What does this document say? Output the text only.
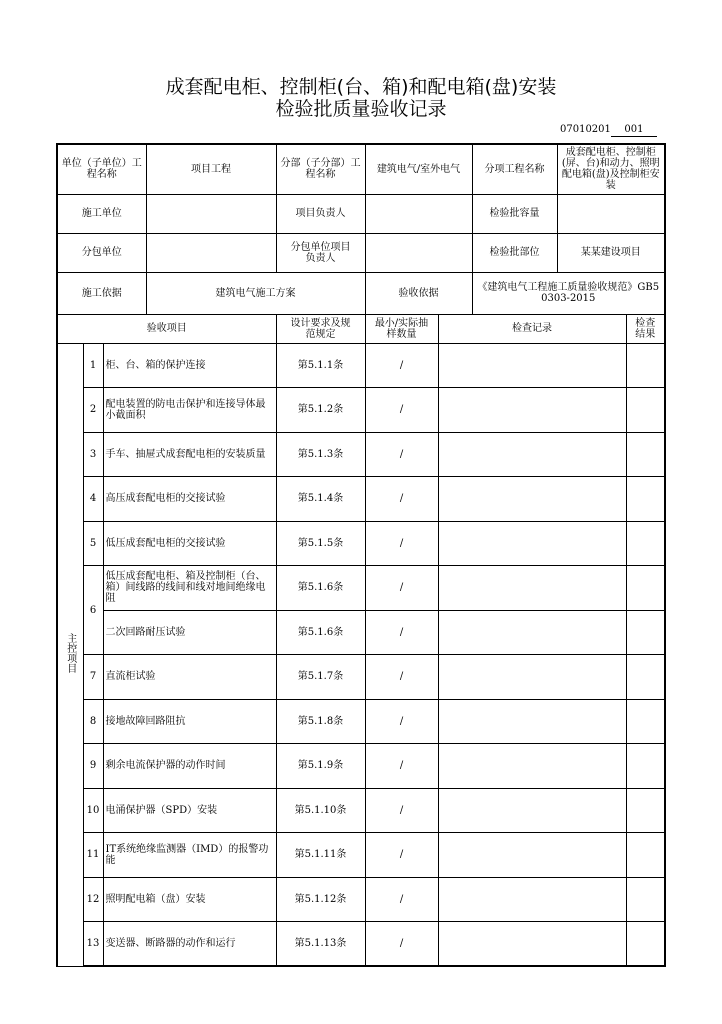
成套配电柜、控制柜(台、箱)和配电箱(盘)安装
检验批质量验收记录
07010201 001
单位（子单位）工程名称			项目工程	分部（子分部）工程名称	建筑电气/室外电气		分项工程名称	成套配电柜、控制柜(屏、台)和动力、照明配电箱(盘)及控制柜安装	
施工单位				项目负责人			检验批容量		
分包单位				分包单位项目负责人			检验批部位	某某建设项目	
施工依据			建筑电气施工方案		验收依据		《建筑电气工程施工质量验收规范》GB50303-2015		
验收项目				设计要求及规范规定	最小/实际抽样数量	检查记录			检查结果
主控项目	1	柜、台、箱的保护连接		第5.1.1条	/				
	2	配电装置的防电击保护和连接导体最小截面积		第5.1.2条	/				
	3	手车、抽屉式成套配电柜的安装质量		第5.1.3条	/				
	4	高压成套配电柜的交接试验		第5.1.4条	/				
	5	低压成套配电柜的交接试验		第5.1.5条	/				
	6	低压成套配电柜、箱及控制柜（台、箱）间线路的线间和线对地间绝缘电阻		第5.1.6条	/				
		二次回路耐压试验		第5.1.6条	/				
	7	直流柜试验		第5.1.7条	/				
	8	接地故障回路阻抗		第5.1.8条	/				
	9	剩余电流保护器的动作时间		第5.1.9条	/				
	10	电涌保护器（SPD）安装		第5.1.10条	/				
	11	IT系统绝缘监测器（IMD）的报警功能		第5.1.11条	/				
	12	照明配电箱（盘）安装		第5.1.12条	/				
	13	变送器、断路器的动作和运行		第5.1.13条	/				
